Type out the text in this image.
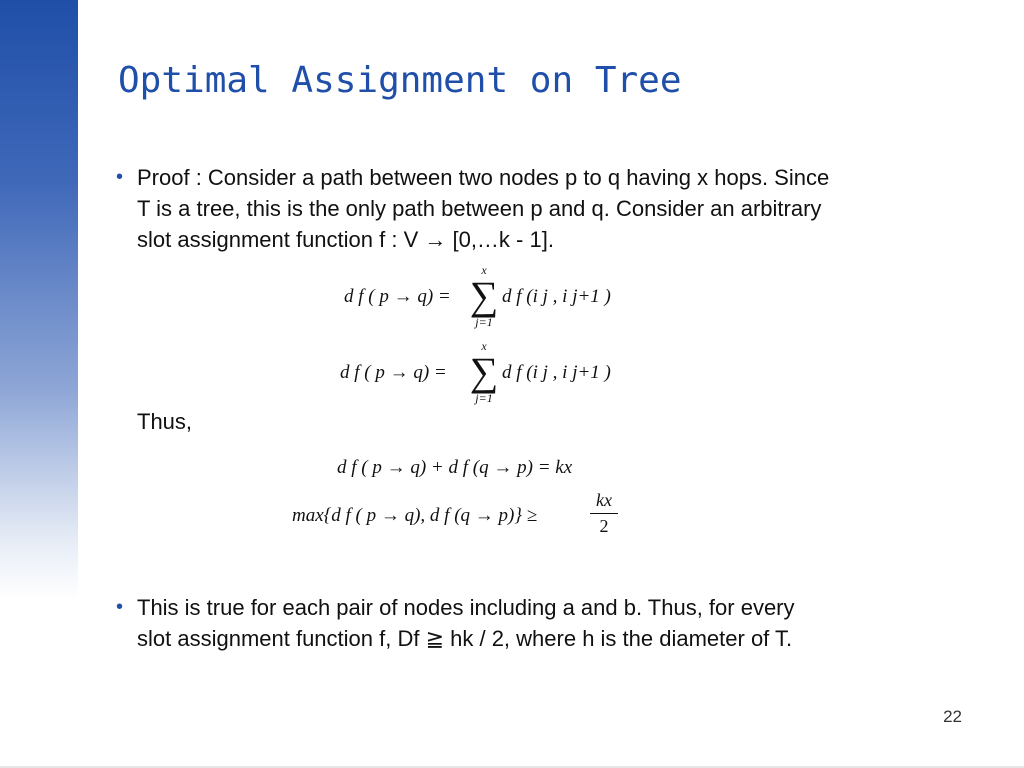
Optimal Assignment on Tree
• Proof : Consider a path between two nodes p to q having x hops. Since
T is a tree, this is the only path between p and q. Consider an arbitrary
slot assignment function f : V → [0,…k - 1].
d f ( p → q) =
x
∑
j=1
d f (i j , i j+1 )
d f ( p → q) =
x
∑
j=1
d f (i j , i j+1 )
Thus,
d f ( p → q) + d f (q → p) = kx
max{d f ( p → q), d f (q → p)} ≥
kx
2
• This is true for each pair of nodes including a and b. Thus, for every
slot assignment function f, Df ≧ hk / 2, where h is the diameter of T.
22
